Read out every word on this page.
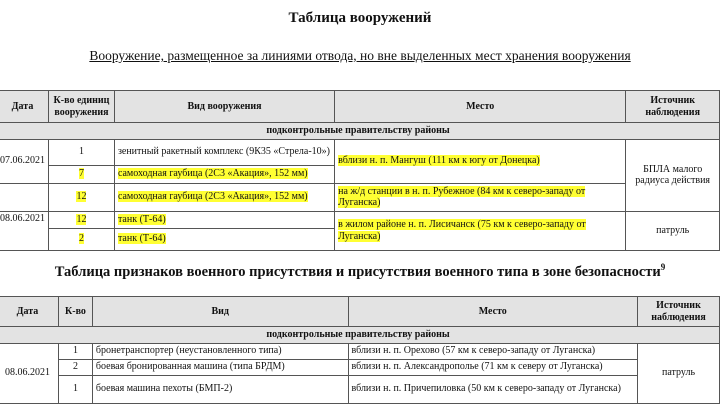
Таблица вооружений
Вооружение, размещенное за линиями отвода, но вне выделенных мест хранения вооружения
Дата	К-во единиц вооружения	Вид вооружения	Место	Источник наблюдения
подконтрольные правительству районы				
07.06.2021	1	зенитный ракетный комплекс (9К35 «Стрела-10»)	вблизи н. п. Мангуш (111 км к югу от Донецка)	БПЛА малого радиуса действия
	7	самоходная гаубица (2С3 «Акация», 152 мм)		
	12	самоходная гаубица (2С3 «Акация», 152 мм)	на ж/д станции в н. п. Рубежное (84 км к северо-западу от Луганска)	
08.06.2021	12	танк (Т-64)	в жилом районе н. п. Лисичанск (75 км к северо-западу от Луганска)	патруль
	2	танк (Т-64)		
Таблица признаков военного присутствия и присутствия военного типа в зоне безопасности$^9$
Дата	К-во	Вид	Место	Источник наблюдения
подконтрольные правительству районы				
08.06.2021	1	бронетранспортер (неустановленного типа)	вблизи н. п. Орехово (57 км к северо-западу от Луганска)	патруль
	2	боевая бронированная машина (типа БРДМ)	вблизи н. п. Александрополье (71 км к северу от Луганска)	
	1	боевая машина пехоты (БМП-2)	вблизи н. п. Причепиловка (50 км к северо-западу от Луганска)	
